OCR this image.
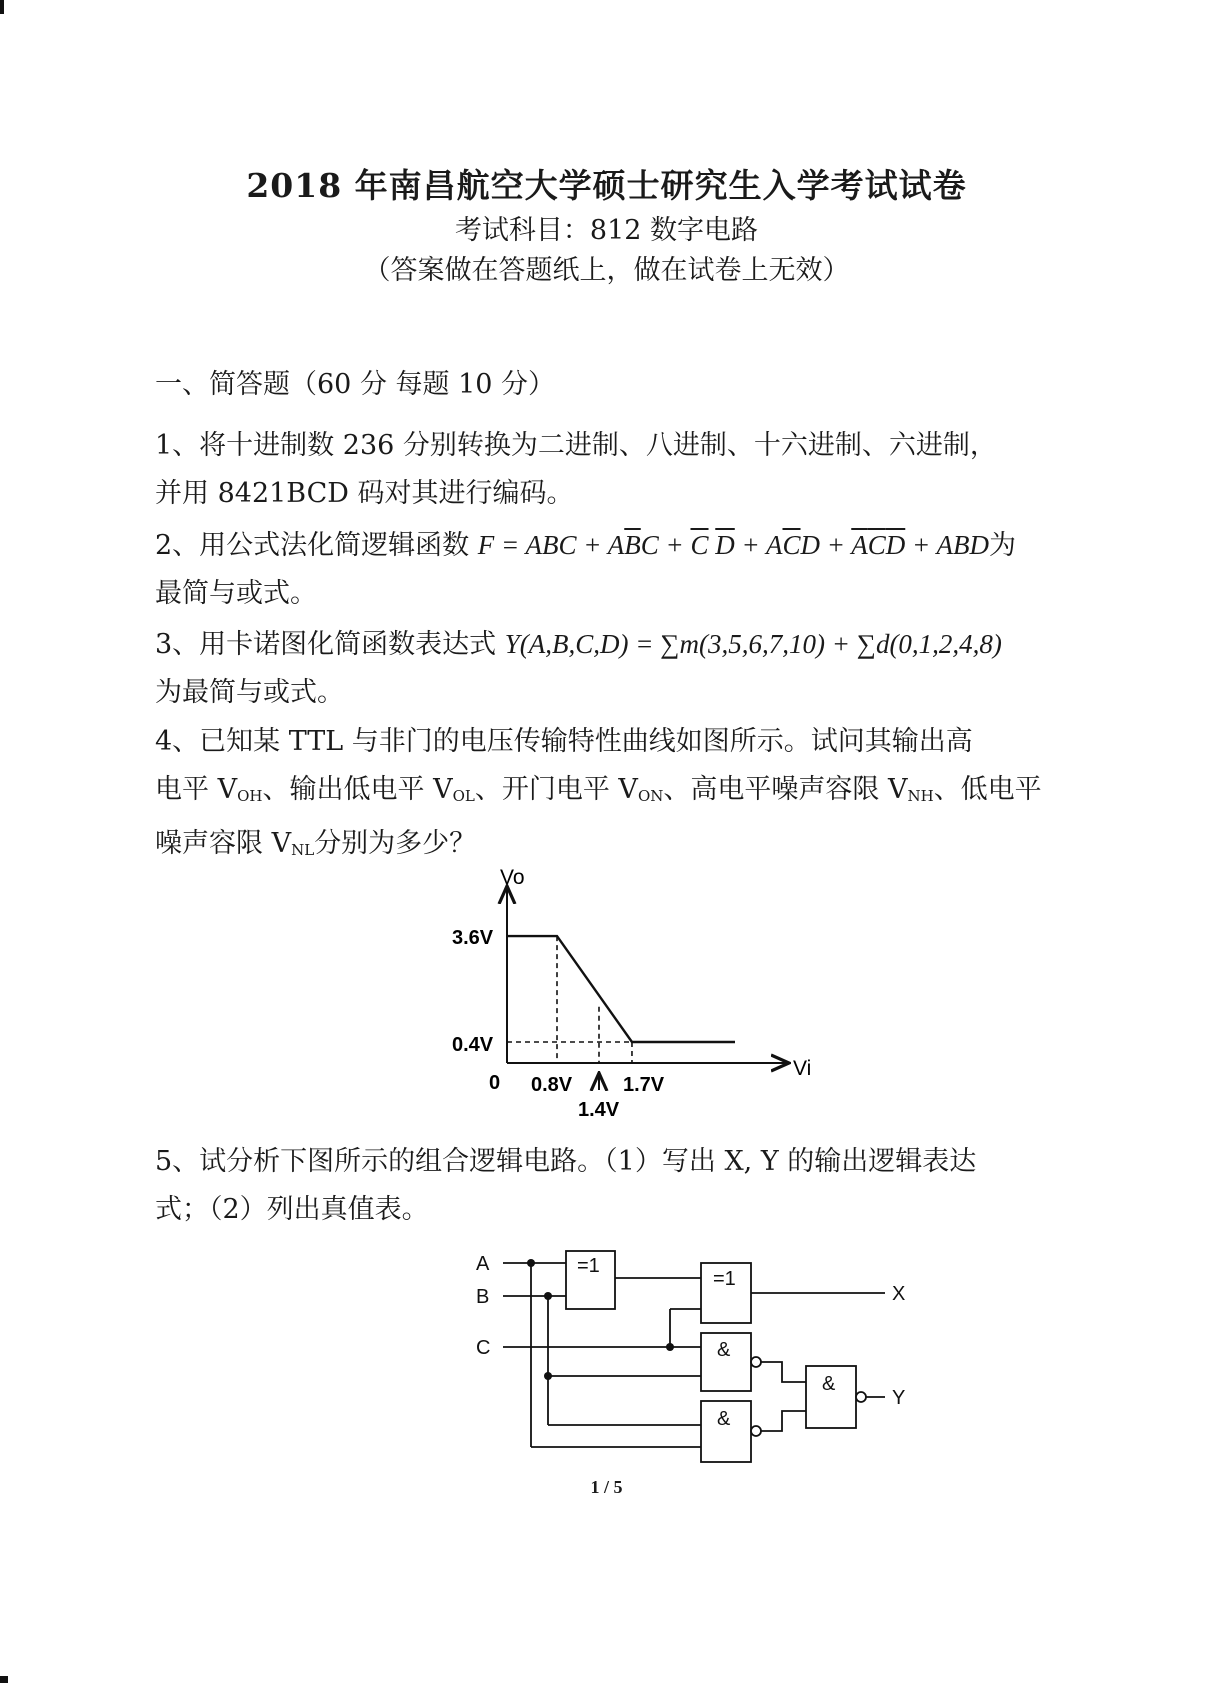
2018 年南昌航空大学硕士研究生入学考试试卷
考试科目：812 数字电路
（答案做在答题纸上，做在试卷上无效）
一、简答题（60 分 每题 10 分）
1、将十进制数 236 分别转换为二进制、八进制、十六进制、六进制，
并用 8421BCD 码对其进行编码。
2、用公式法化简逻辑函数 F = ABC + $A\overline{B}C + \overline{C}$ $\overline{D} + A\overline{C}D + \overline{A}\overline{C}\overline{D}$ + ABD为
最简与或式。
3、用卡诺图化简函数表达式 Y(A,B,C,D) = ∑m(3,5,6,7,10) + ∑d(0,1,2,4,8)
为最简与或式。
4、已知某 TTL 与非门的电压传输特性曲线如图所示。试问其输出高
电平 $V_{OH}$、输出低电平 $V_{OL}$、开门电平 $V_{ON}$、高电平噪声容限 $V_{NH}$、低电平
噪声容限 $V_{NL}$分别为多少？
Vo
Vi
0
3.6V
0.4V
0.8V	1.7V
1.4V
5、试分析下图所示的组合逻辑电路。（1）写出 X, Y 的输出逻辑表达
式；（2）列出真值表。
A
B
C
X
Y
=1
=1
&
&
&
1 / 5
